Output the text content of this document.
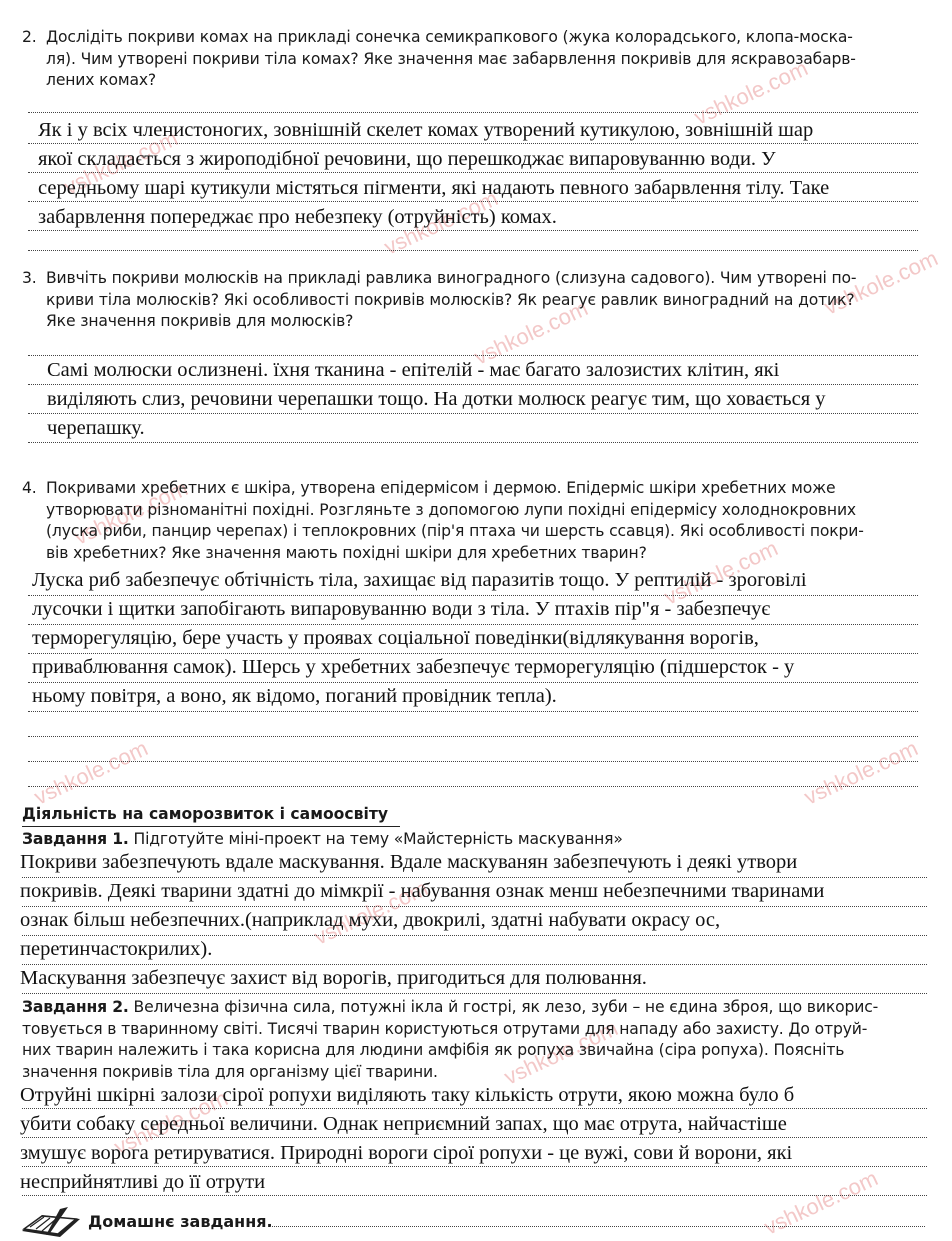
vshkole.com
vshkole.com
vshkole.com
vshkole.com
vshkole.com
vshkole.com
vshkole.com
vshkole.com	vshkole.com
vshkole.com
vshkole.com
vshkole.com
vshkole.com
2. Дослідіть покриви комах на прикладі сонечка семикрапкового (жука колорадського, клопа-моска-
ля). Чим утворені покриви тіла комах? Яке значення має забарвлення покривів для яскравозабарв-
лених комах?
Як і у всіх членистоногих, зовнішній скелет комах утворений кутикулою, зовнішній шар
якої складається з жироподібної речовини, що перешкоджає випаровуванню води. У
середньому шарі кутикули містяться пігменти, які надають певного забарвлення тілу. Таке
забарвлення попереджає про небезпеку (отруйність) комах.
3. Вивчіть покриви молюсків на прикладі равлика виноградного (слизуна садового). Чим утворені по-
криви тіла молюсків? Які особливості покривів молюсків? Як реагує равлик виноградний на дотик?
Яке значення покривів для молюсків?
Самі молюски ослизнені. їхня тканина - епітелій - має багато залозистих клітин, які
виділяють слиз, речовини черепашки тощо. На дотки молюск реагує тим, що ховається у
черепашку.
4. Покривами хребетних є шкіра, утворена епідермісом і дермою. Епідерміс шкіри хребетних може
утворювати різноманітні похідні. Розгляньте з допомогою лупи похідні епідермісу холоднокровних
(луска риби, панцир черепах) і теплокровних (пір'я птаха чи шерсть ссавця). Які особливості покри-
вів хребетних? Яке значення мають похідні шкіри для хребетних тварин?
Луска риб забезпечує обтічність тіла, захищає від паразитів тощо. У рептилій - зроговілі
лусочки і щитки запобігають випаровуванню води з тіла. У птахів пір"я - забезпечує
терморегуляцію, бере участь у проявах соціальної поведінки(відлякування ворогів,
приваблювання самок). Шерсь у хребетних забезпечує терморегуляцію (підшерсток - у
ньому повітря, а воно, як відомо, поганий провідник тепла).
Діяльність на саморозвиток і самоосвіту
Завдання 1. Підготуйте міні-проект на тему «Майстерність маскування»
Покриви забезпечують вдале маскування. Вдале маскуванян забезпечують і деякі утвори
покривів. Деякі тварини здатні до мімкрії - набування ознак менш небезпечними тваринами
ознак більш небезпечних.(наприклад мухи, двокрилі, здатні набувати окрасу ос,
перетинчастокрилих).
Маскування забезпечує захист від ворогів, пригодиться для полювання.
Завдання 2. Величезна фізична сила, потужні ікла й гострі, як лезо, зуби – не єдина зброя, що викорис-
товується в тваринному світі. Тисячі тварин користуються отрутами для нападу або захисту. До отруй-
них тварин належить і така корисна для людини амфібія як ропуха звичайна (сіра ропуха). Поясніть
значення покривів тіла для організму цієї тварини.
Отруйні шкірні залози сірої ропухи виділяють таку кількість отрути, якою можна було б
убити собаку середньої величини. Однак неприємний запах, що має отрута, найчастіше
змушує ворога ретируватися. Природні вороги сірої ропухи - це вужі, сови й ворони, які
несприйнятливі до її отрути
Домашнє завдання.
